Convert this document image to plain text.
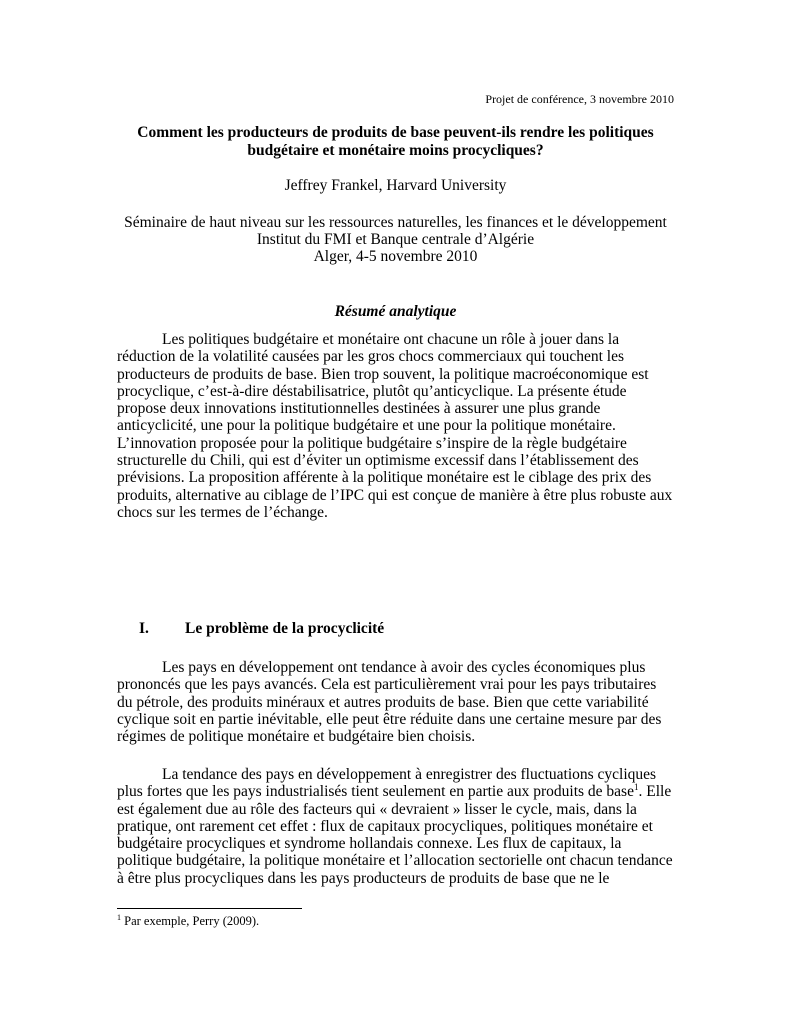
Projet de conférence, 3 novembre 2010
Comment les producteurs de produits de base peuvent-ils rendre les politiques budgétaire et monétaire moins procycliques?
Jeffrey Frankel, Harvard University
Séminaire de haut niveau sur les ressources naturelles, les finances et le développement
Institut du FMI et Banque centrale d’Algérie
Alger, 4-5 novembre 2010
Résumé analytique

Les politiques budgétaire et monétaire ont chacune un rôle à jouer dans la réduction de la volatilité causées par les gros chocs commerciaux qui touchent les producteurs de produits de base. Bien trop souvent, la politique macroéconomique est procyclique, c’est-à-dire déstabilisatrice, plutôt qu’anticyclique. La présente étude propose deux innovations institutionnelles destinées à assurer une plus grande anticyclicité, une pour la politique budgétaire et une pour la politique monétaire. L’innovation proposée pour la politique budgétaire s’inspire de la règle budgétaire structurelle du Chili, qui est d’éviter un optimisme excessif dans l’établissement des prévisions. La proposition afférente à la politique monétaire est le ciblage des prix des produits, alternative au ciblage de l’IPC qui est conçue de manière à être plus robuste aux chocs sur les termes de l’échange.

I. Le problème de la procyclicité

Les pays en développement ont tendance à avoir des cycles économiques plus prononcés que les pays avancés. Cela est particulièrement vrai pour les pays tributaires du pétrole, des produits minéraux et autres produits de base. Bien que cette variabilité cyclique soit en partie inévitable, elle peut être réduite dans une certaine mesure par des régimes de politique monétaire et budgétaire bien choisis.

La tendance des pays en développement à enregistrer des fluctuations cycliques plus fortes que les pays industrialisés tient seulement en partie aux produits de base$^1$. Elle est également due au rôle des facteurs qui « devraient » lisser le cycle, mais, dans la pratique, ont rarement cet effet : flux de capitaux procycliques, politiques monétaire et budgétaire procycliques et syndrome hollandais connexe. Les flux de capitaux, la politique budgétaire, la politique monétaire et l’allocation sectorielle ont chacun tendance à être plus procycliques dans les pays producteurs de produits de base que ne le

$^1$ Par exemple, Perry (2009).
